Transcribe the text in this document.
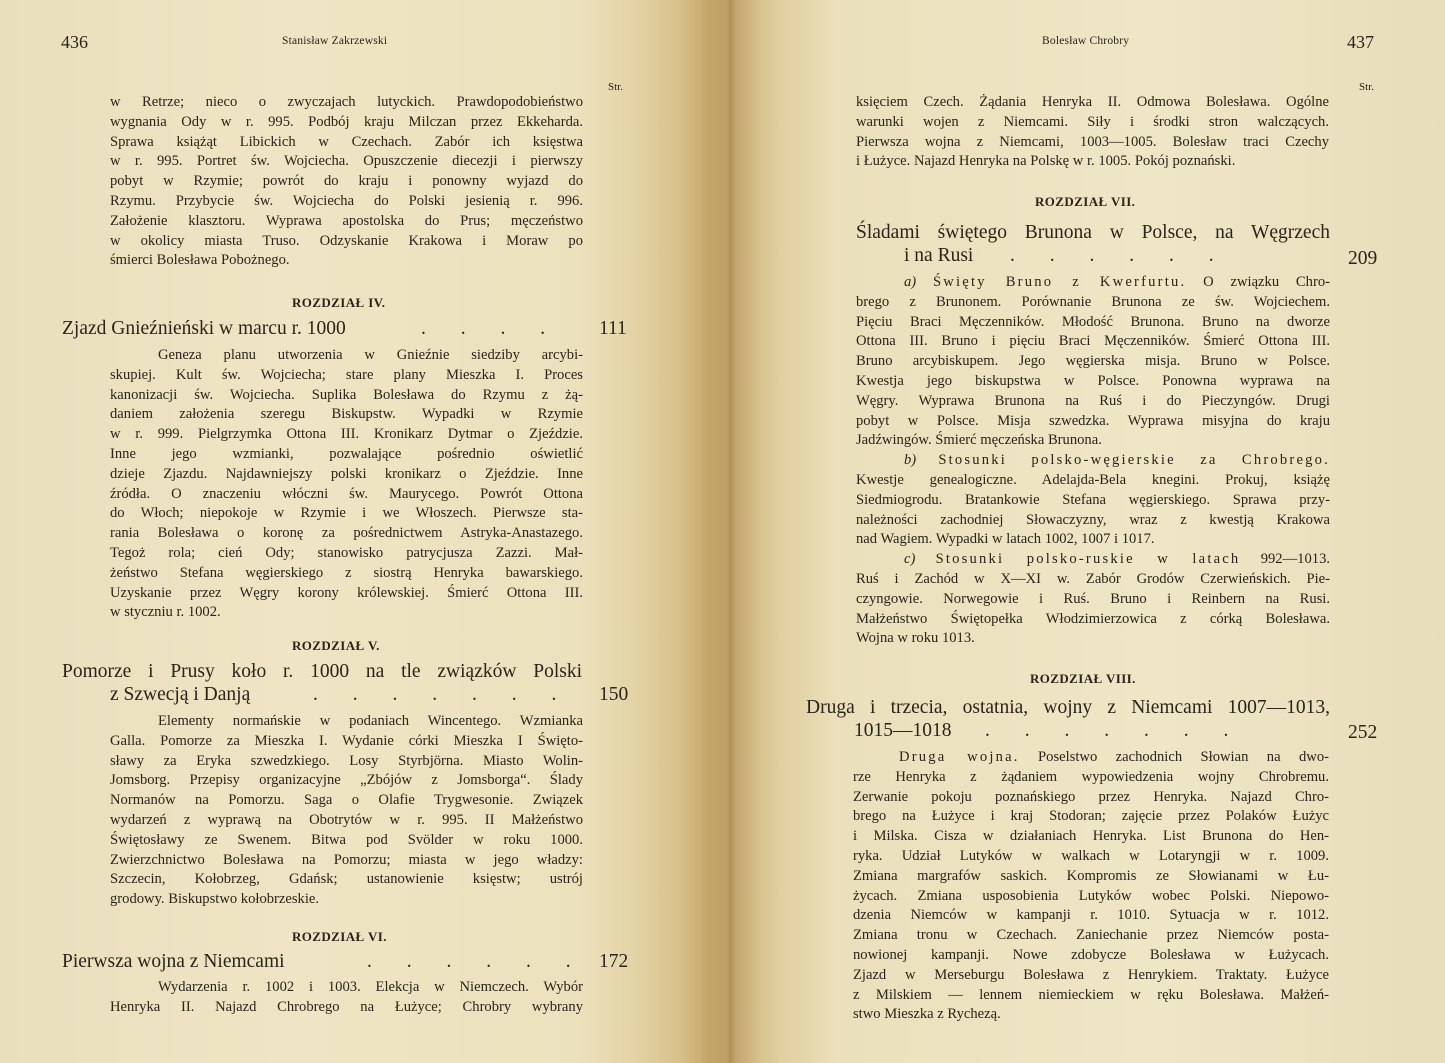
436	Stanisław Zakrzewski
Str.
w Retrze; nieco o zwyczajach lutyckich. Prawdopodobieństwo
wygnania Ody w r. 995. Podbój kraju Milczan przez Ekkeharda.
Sprawa książąt Libickich w Czechach. Zabór ich księstwa
w r. 995. Portret św. Wojciecha. Opuszczenie diecezji i pierwszy
pobyt w Rzymie; powrót do kraju i ponowny wyjazd do
Rzymu. Przybycie św. Wojciecha do Polski jesienią r. 996.
Założenie klasztoru. Wyprawa apostolska do Prus; męczeństwo
w okolicy miasta Truso. Odzyskanie Krakowa i Moraw po
śmierci Bolesława Pobożnego.
ROZDZIAŁ IV.
Zjazd Gnieźnieński w marcu r. 1000	. . . . 111
Geneza planu utworzenia w Gnieźnie siedziby arcybi-
skupiej. Kult św. Wojciecha; stare plany Mieszka I. Proces
kanonizacji św. Wojciecha. Suplika Bolesława do Rzymu z żą-
daniem założenia szeregu Biskupstw. Wypadki w Rzymie
w r. 999. Pielgrzymka Ottona III. Kronikarz Dytmar o Zjeździe.
Inne jego wzmianki, pozwalające pośrednio oświetlić
dzieje Zjazdu. Najdawniejszy polski kronikarz o Zjeździe. Inne
źródła. O znaczeniu włóczni św. Maurycego. Powrót Ottona
do Włoch; niepokoje w Rzymie i we Włoszech. Pierwsze sta-
rania Bolesława o koronę za pośrednictwem Astryka-Anastazego.
Tegoż rola; cień Ody; stanowisko patrycjusza Zazzi. Mał-
żeństwo Stefana węgierskiego z siostrą Henryka bawarskiego.
Uzyskanie przez Węgry korony królewskiej. Śmierć Ottona III.
w styczniu r. 1002.
ROZDZIAŁ V.
Pomorze i Prusy koło r. 1000 na tle związków Polski
z Szwecją i Danją	. . . . . . . 150
Elementy normańskie w podaniach Wincentego. Wzmianka
Galla. Pomorze za Mieszka I. Wydanie córki Mieszka I Święto-
sławy za Eryka szwedzkiego. Losy Styrbjörna. Miasto Wolin-
Jomsborg. Przepisy organizacyjne „Zbójów z Jomsborga“. Ślady
Normanów na Pomorzu. Saga o Olafie Trygwesonie. Związek
wydarzeń z wyprawą na Obotrytów w r. 995. II Małżeństwo
Świętosławy ze Swenem. Bitwa pod Svölder w roku 1000.
Zwierzchnictwo Bolesława na Pomorzu; miasta w jego władzy:
Szczecin, Kołobrzeg, Gdańsk; ustanowienie księstw; ustrój
grodowy. Biskupstwo kołobrzeskie.
ROZDZIAŁ VI.
Pierwsza wojna z Niemcami	. . . . . . 172
Wydarzenia r. 1002 i 1003. Elekcja w Niemczech. Wybór
Henryka II. Najazd Chrobrego na Łużyce; Chrobry wybrany
Bolesław Chrobry	437
Str.
księciem Czech. Żądania Henryka II. Odmowa Bolesława. Ogólne
warunki wojen z Niemcami. Siły i środki stron walczących.
Pierwsza wojna z Niemcami, 1003—1005. Bolesław traci Czechy
i Łużyce. Najazd Henryka na Polskę w r. 1005. Pokój poznański.
ROZDZIAŁ VII.
Śladami świętego Brunona w Polsce, na Węgrzech
i na Rusi	. . . . . .	209
a) Święty Bruno z Kwerfurtu. O związku Chro-
brego z Brunonem. Porównanie Brunona ze św. Wojciechem.
Pięciu Braci Męczenników. Młodość Brunona. Bruno na dworze
Ottona III. Bruno i pięciu Braci Męczenników. Śmierć Ottona III.
Bruno arcybiskupem. Jego węgierska misja. Bruno w Polsce.
Kwestja jego biskupstwa w Polsce. Ponowna wyprawa na
Węgry. Wyprawa Brunona na Ruś i do Pieczyngów. Drugi
pobyt w Polsce. Misja szwedzka. Wyprawa misyjna do kraju
Jadźwingów. Śmierć męczeńska Brunona.
b) Stosunki polsko-węgierskie za Chrobrego.
Kwestje genealogiczne. Adelajda-Bela knegini. Prokuj, książę
Siedmiogrodu. Bratankowie Stefana węgierskiego. Sprawa przy-
należności zachodniej Słowaczyzny, wraz z kwestją Krakowa
nad Wagiem. Wypadki w latach 1002, 1007 i 1017.
c) Stosunki polsko-ruskie w latach 992—1013.
Ruś i Zachód w X—XI w. Zabór Grodów Czerwieńskich. Pie-
czyngowie. Norwegowie i Ruś. Bruno i Reinbern na Rusi.
Małżeństwo Świętopełka Włodzimierzowica z córką Bolesława.
Wojna w roku 1013.
ROZDZIAŁ VIII.
Druga i trzecia, ostatnia, wojny z Niemcami 1007—1013,
1015—1018	. . . . . . .	252
Druga wojna. Poselstwo zachodnich Słowian na dwo-
rze Henryka z żądaniem wypowiedzenia wojny Chrobremu.
Zerwanie pokoju poznańskiego przez Henryka. Najazd Chro-
brego na Łużyce i kraj Stodoran; zajęcie przez Polaków Łużyc
i Milska. Cisza w działaniach Henryka. List Brunona do Hen-
ryka. Udział Lutyków w walkach w Lotaryngji w r. 1009.
Zmiana margrafów saskich. Kompromis ze Słowianami w Łu-
życach. Zmiana usposobienia Lutyków wobec Polski. Niepowo-
dzenia Niemców w kampanji r. 1010. Sytuacja w r. 1012.
Zmiana tronu w Czechach. Zaniechanie przez Niemców posta-
nowionej kampanji. Nowe zdobycze Bolesława w Łużycach.
Zjazd w Merseburgu Bolesława z Henrykiem. Traktaty. Łużyce
z Milskiem — lennem niemieckiem w ręku Bolesława. Małżeń-
stwo Mieszka z Rychezą.
